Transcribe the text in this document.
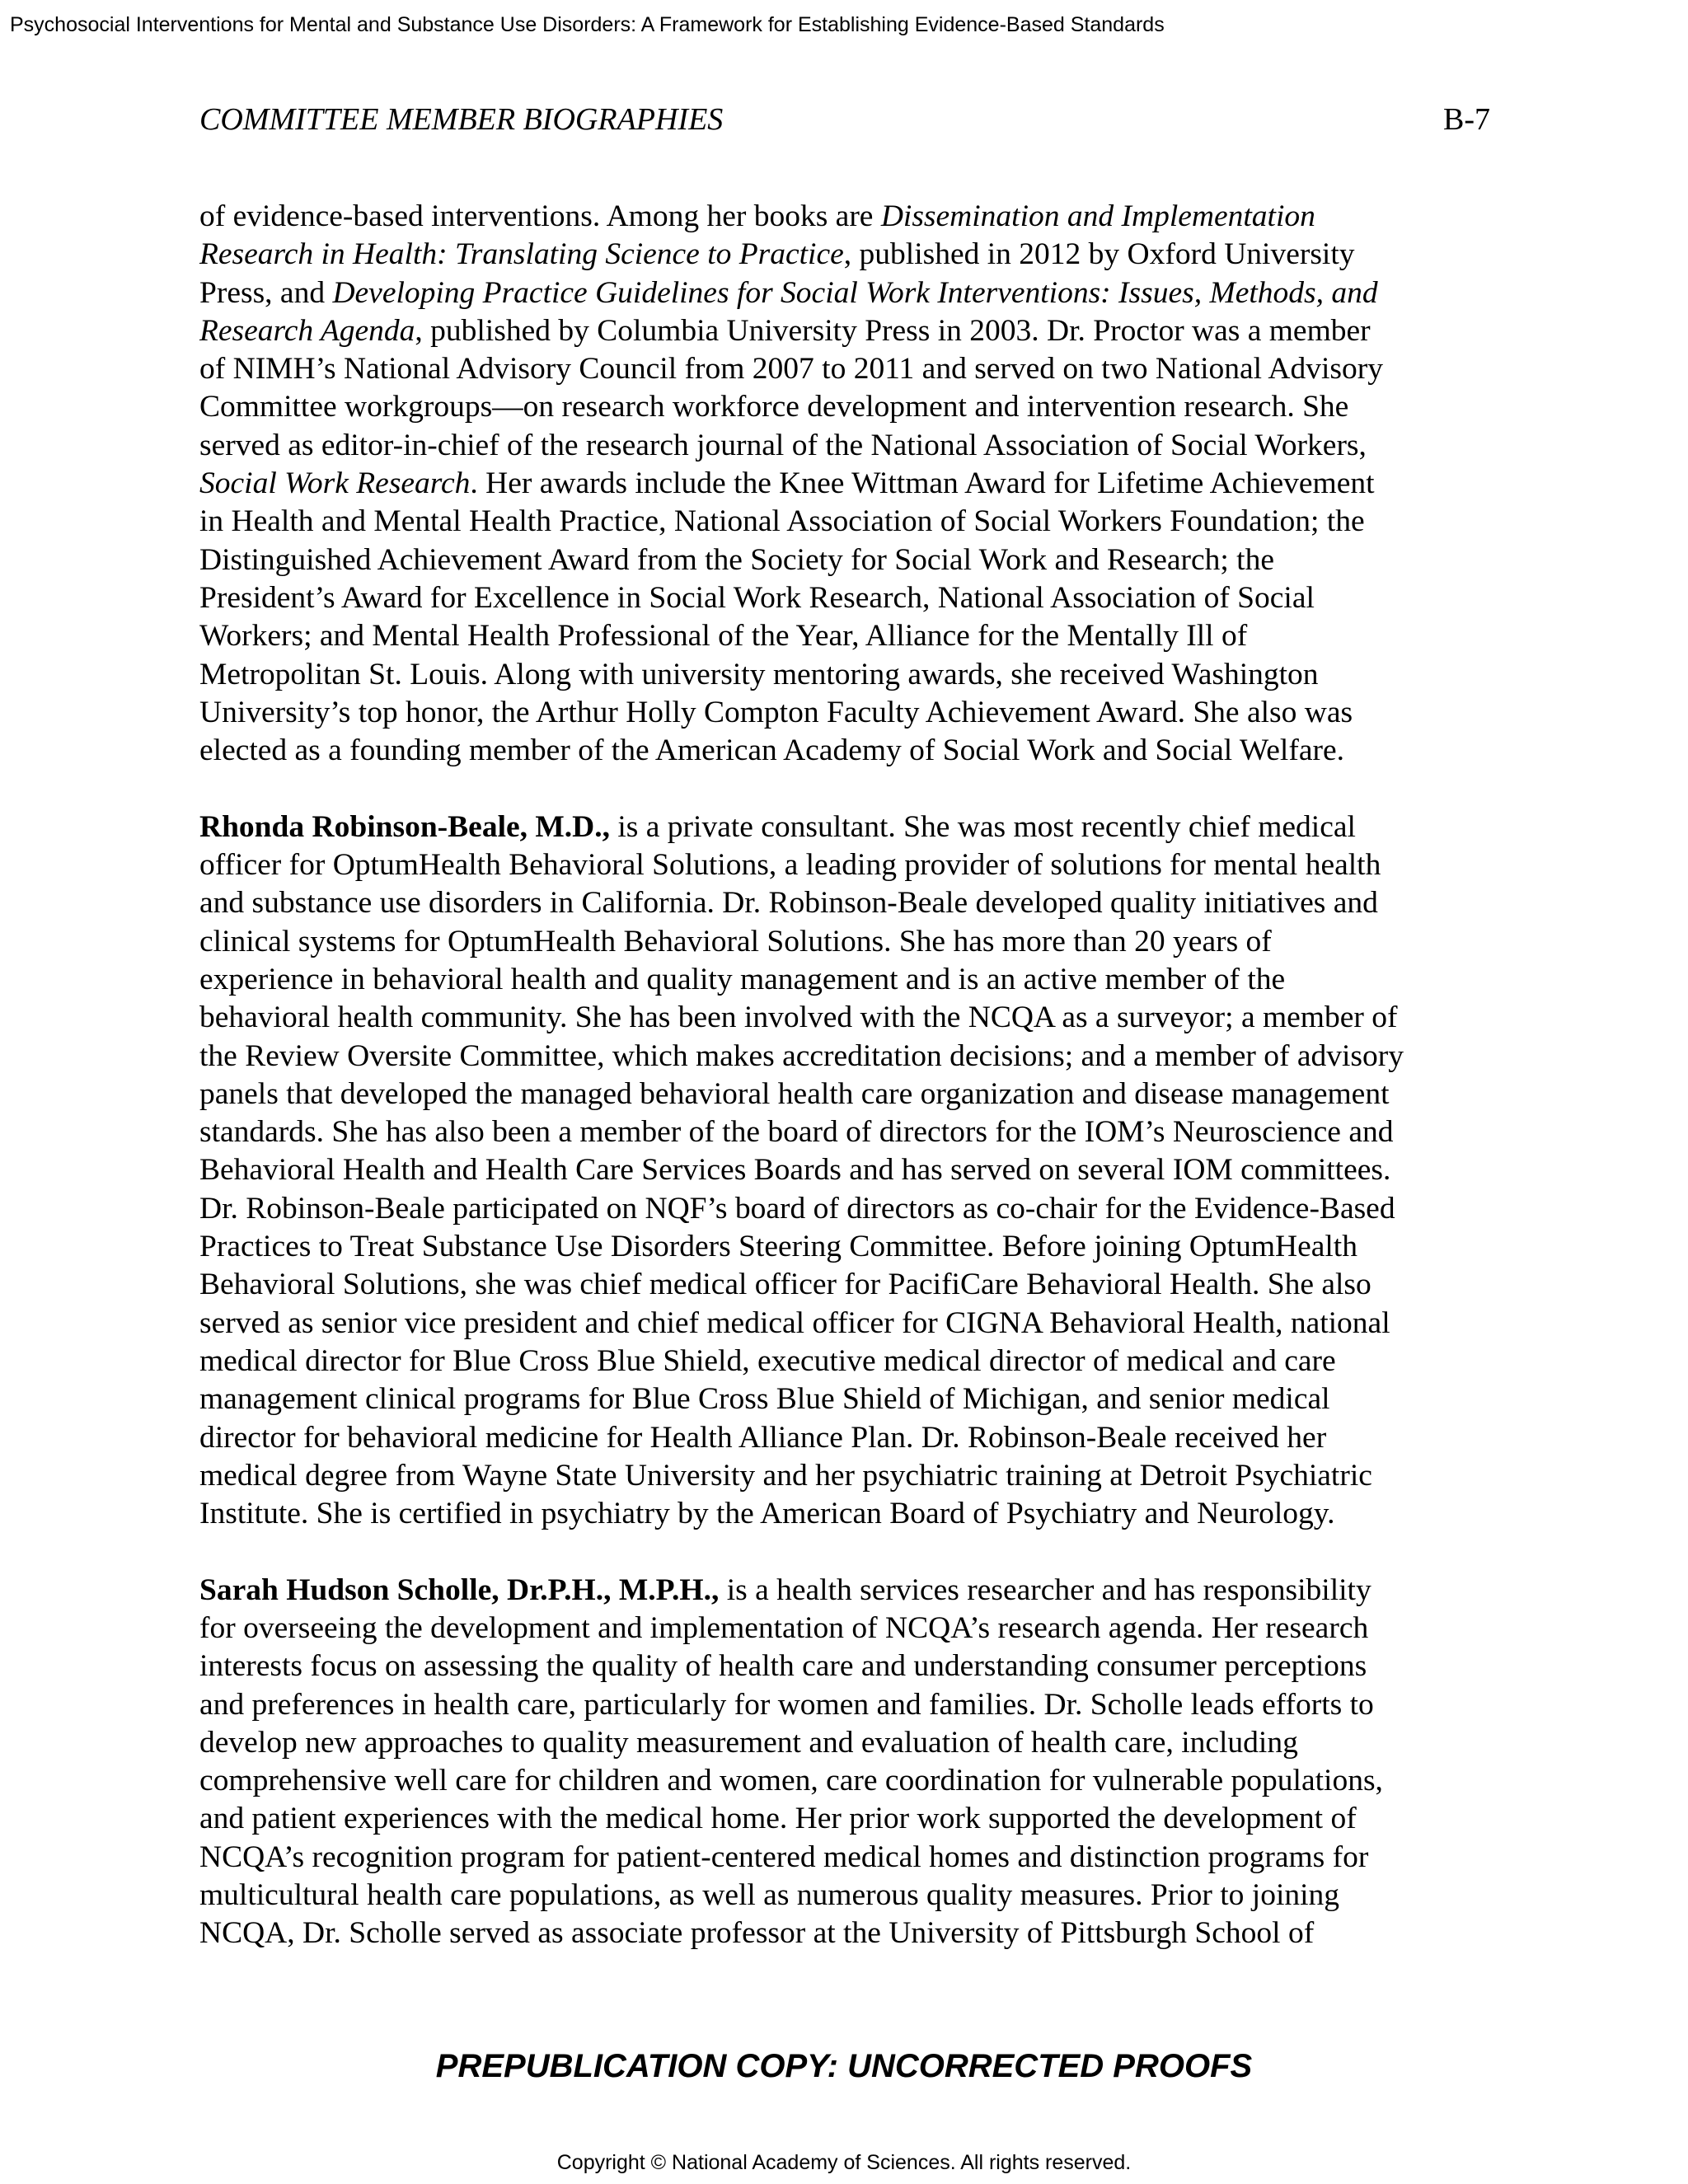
Psychosocial Interventions for Mental and Substance Use Disorders: A Framework for Establishing Evidence-Based Standards
COMMITTEE MEMBER BIOGRAPHIES	B-7
of evidence-based interventions. Among her books are Dissemination and Implementation
Research in Health: Translating Science to Practice, published in 2012 by Oxford University
Press, and Developing Practice Guidelines for Social Work Interventions: Issues, Methods, and
Research Agenda, published by Columbia University Press in 2003. Dr. Proctor was a member
of NIMH’s National Advisory Council from 2007 to 2011 and served on two National Advisory
Committee workgroups—on research workforce development and intervention research. She
served as editor-in-chief of the research journal of the National Association of Social Workers,
Social Work Research. Her awards include the Knee Wittman Award for Lifetime Achievement
in Health and Mental Health Practice, National Association of Social Workers Foundation; the
Distinguished Achievement Award from the Society for Social Work and Research; the
President’s Award for Excellence in Social Work Research, National Association of Social
Workers; and Mental Health Professional of the Year, Alliance for the Mentally Ill of
Metropolitan St. Louis. Along with university mentoring awards, she received Washington
University’s top honor, the Arthur Holly Compton Faculty Achievement Award. She also was
elected as a founding member of the American Academy of Social Work and Social Welfare.
Rhonda Robinson-Beale, M.D., is a private consultant. She was most recently chief medical
officer for OptumHealth Behavioral Solutions, a leading provider of solutions for mental health
and substance use disorders in California. Dr. Robinson-Beale developed quality initiatives and
clinical systems for OptumHealth Behavioral Solutions. She has more than 20 years of
experience in behavioral health and quality management and is an active member of the
behavioral health community. She has been involved with the NCQA as a surveyor; a member of
the Review Oversite Committee, which makes accreditation decisions; and a member of advisory
panels that developed the managed behavioral health care organization and disease management
standards. She has also been a member of the board of directors for the IOM’s Neuroscience and
Behavioral Health and Health Care Services Boards and has served on several IOM committees.
Dr. Robinson-Beale participated on NQF’s board of directors as co-chair for the Evidence-Based
Practices to Treat Substance Use Disorders Steering Committee. Before joining OptumHealth
Behavioral Solutions, she was chief medical officer for PacifiCare Behavioral Health. She also
served as senior vice president and chief medical officer for CIGNA Behavioral Health, national
medical director for Blue Cross Blue Shield, executive medical director of medical and care
management clinical programs for Blue Cross Blue Shield of Michigan, and senior medical
director for behavioral medicine for Health Alliance Plan. Dr. Robinson-Beale received her
medical degree from Wayne State University and her psychiatric training at Detroit Psychiatric
Institute. She is certified in psychiatry by the American Board of Psychiatry and Neurology.
Sarah Hudson Scholle, Dr.P.H., M.P.H., is a health services researcher and has responsibility
for overseeing the development and implementation of NCQA’s research agenda. Her research
interests focus on assessing the quality of health care and understanding consumer perceptions
and preferences in health care, particularly for women and families. Dr. Scholle leads efforts to
develop new approaches to quality measurement and evaluation of health care, including
comprehensive well care for children and women, care coordination for vulnerable populations,
and patient experiences with the medical home. Her prior work supported the development of
NCQA’s recognition program for patient-centered medical homes and distinction programs for
multicultural health care populations, as well as numerous quality measures. Prior to joining
NCQA, Dr. Scholle served as associate professor at the University of Pittsburgh School of
PREPUBLICATION COPY: UNCORRECTED PROOFS
Copyright © National Academy of Sciences. All rights reserved.
